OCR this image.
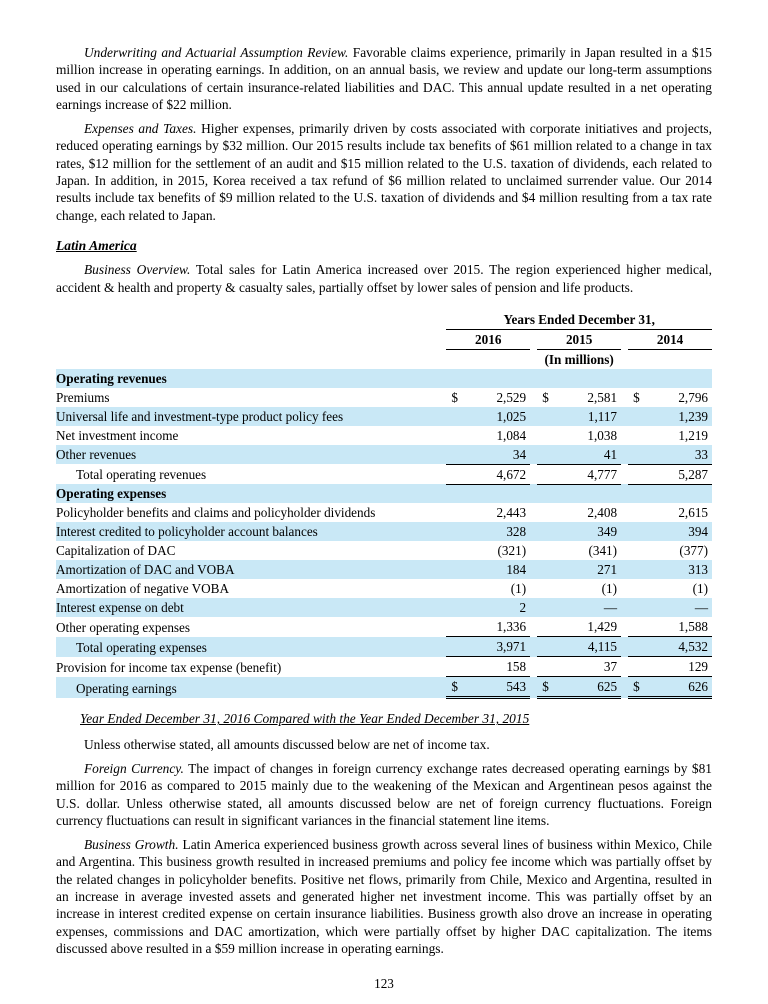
Underwriting and Actuarial Assumption Review. Favorable claims experience, primarily in Japan resulted in a $15 million increase in operating earnings. In addition, on an annual basis, we review and update our long-term assumptions used in our calculations of certain insurance-related liabilities and DAC. This annual update resulted in a net operating earnings increase of $22 million.

Expenses and Taxes. Higher expenses, primarily driven by costs associated with corporate initiatives and projects, reduced operating earnings by $32 million. Our 2015 results include tax benefits of $61 million related to a change in tax rates, $12 million for the settlement of an audit and $15 million related to the U.S. taxation of dividends, each related to Japan. In addition, in 2015, Korea received a tax refund of $6 million related to unclaimed surrender value. Our 2014 results include tax benefits of $9 million related to the U.S. taxation of dividends and $4 million resulting from a tax rate change, each related to Japan.

Latin America

Business Overview. Total sales for Latin America increased over 2015. The region experienced higher medical, accident & health and property & casualty sales, partially offset by lower sales of pension and life products.

	Years Ended December 31,				
	2016		2015		2014
	(In millions)				
Operating revenues	

Premiums	$ 2,529		$ 2,581		$ 2,796

Universal life and investment-type product policy fees	1,025		1,117		1,239

Net investment income	1,084		1,038		1,219

Other revenues	34		41		33

Total operating revenues	4,672		4,777		5,287

Operating expenses	

Policyholder benefits and claims and policyholder dividends	2,443		2,408		2,615

Interest credited to policyholder account balances	328		349		394

Capitalization of DAC	(321)		(341)		(377)

Amortization of DAC and VOBA	184		271		313

Amortization of negative VOBA	(1)		(1)		(1)

Interest expense on debt	2		—		—

Other operating expenses	1,336		1,429		1,588

Total operating expenses	3,971		4,115		4,532

Provision for income tax expense (benefit)	158		37		129

Operating earnings	$ 543		$ 625		$ 626
Year Ended December 31, 2016 Compared with the Year Ended December 31, 2015

Unless otherwise stated, all amounts discussed below are net of income tax.

Foreign Currency. The impact of changes in foreign currency exchange rates decreased operating earnings by $81 million for 2016 as compared to 2015 mainly due to the weakening of the Mexican and Argentinean pesos against the U.S. dollar. Unless otherwise stated, all amounts discussed below are net of foreign currency fluctuations. Foreign currency fluctuations can result in significant variances in the financial statement line items.

Business Growth. Latin America experienced business growth across several lines of business within Mexico, Chile and Argentina. This business growth resulted in increased premiums and policy fee income which was partially offset by the related changes in policyholder benefits. Positive net flows, primarily from Chile, Mexico and Argentina, resulted in an increase in average invested assets and generated higher net investment income. This was partially offset by an increase in interest credited expense on certain insurance liabilities. Business growth also drove an increase in operating expenses, commissions and DAC amortization, which were partially offset by higher DAC capitalization. The items discussed above resulted in a $59 million increase in operating earnings.

123
